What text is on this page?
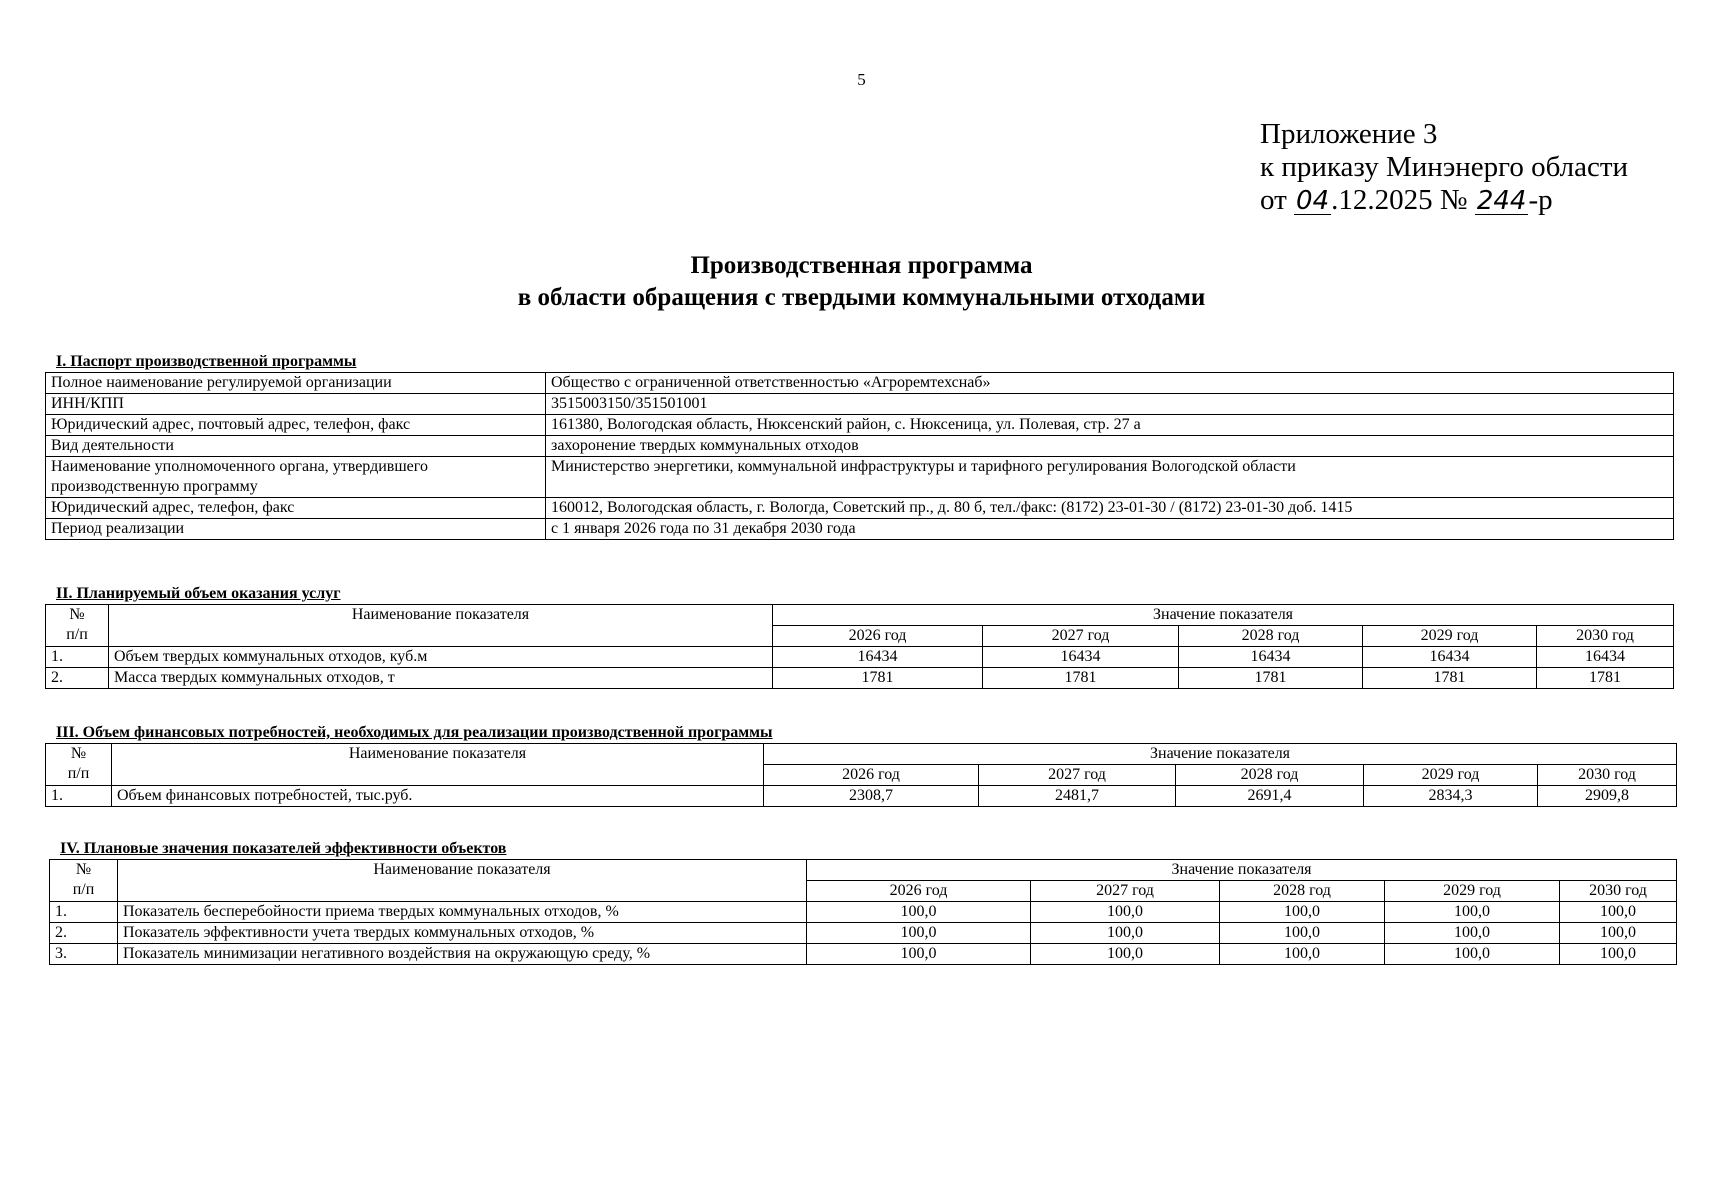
5
Приложение 3
к приказу Минэнерго области
от 04.12.2025 № 244-р
Производственная программа
в области обращения с твердыми коммунальными отходами
I. Паспорт производственной программы
Полное наименование регулируемой организации	Общество с ограниченной ответственностью «Агроремтехснаб»
ИНН/КПП	3515003150/351501001
Юридический адрес, почтовый адрес, телефон, факс	161380, Вологодская область, Нюксенский район, с. Нюксеница, ул. Полевая, стр. 27 а
Вид деятельности	захоронение твердых коммунальных отходов
Наименование уполномоченного органа, утвердившего производственную программу	Министерство энергетики, коммунальной инфраструктуры и тарифного регулирования Вологодской области
Юридический адрес, телефон, факс	160012, Вологодская область, г. Вологда, Советский пр., д. 80 б, тел./факс: (8172) 23-01-30 / (8172) 23-01-30 доб. 1415
Период реализации	с 1 января 2026 года по 31 декабря 2030 года
II. Планируемый объем оказания услуг
№
п/п	Наименование показателя	Значение показателя				
		2026 год	2027 год	2028 год	2029 год	2030 год
1.	Объем твердых коммунальных отходов, куб.м	16434	16434	16434	16434	16434
2.	Масса твердых коммунальных отходов, т	1781	1781	1781	1781	1781
III. Объем финансовых потребностей, необходимых для реализации производственной программы
№
п/п	Наименование показателя	Значение показателя				
		2026 год	2027 год	2028 год	2029 год	2030 год
1.	Объем финансовых потребностей, тыс.руб.	2308,7	2481,7	2691,4	2834,3	2909,8
IV. Плановые значения показателей эффективности объектов
№
п/п	Наименование показателя	Значение показателя				
		2026 год	2027 год	2028 год	2029 год	2030 год
1.	Показатель бесперебойности приема твердых коммунальных отходов, %	100,0	100,0	100,0	100,0	100,0
2.	Показатель эффективности учета твердых коммунальных отходов, %	100,0	100,0	100,0	100,0	100,0
3.	Показатель минимизации негативного воздействия на окружающую среду, %	100,0	100,0	100,0	100,0	100,0
